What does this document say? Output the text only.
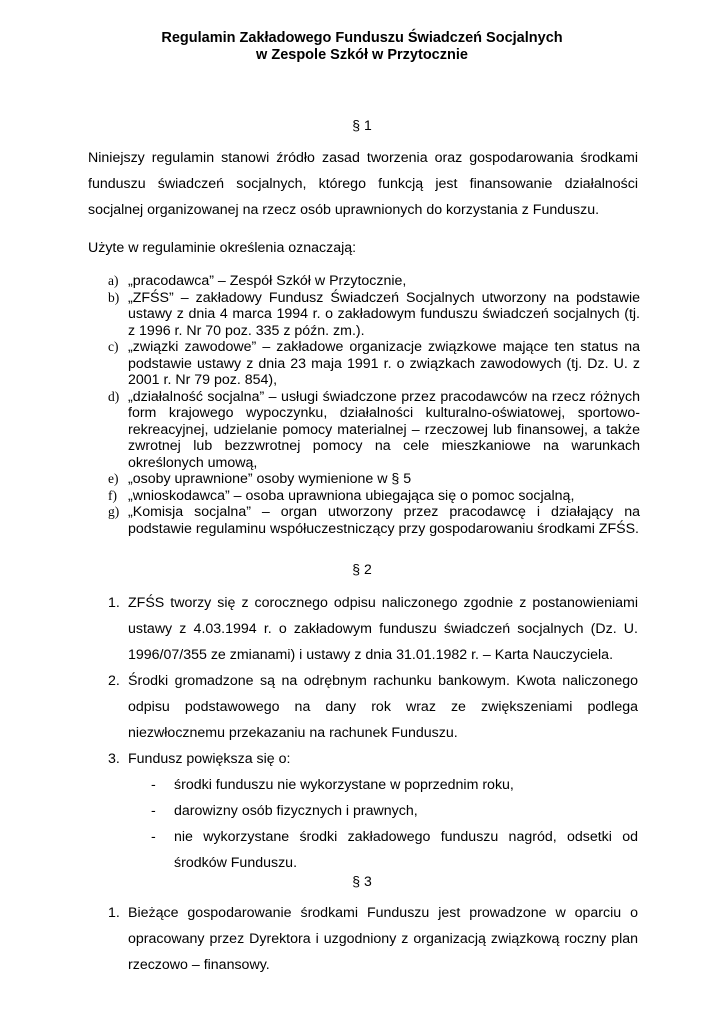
Regulamin Zakładowego Funduszu Świadczeń Socjalnych
w Zespole Szkół w Przytocznie
§ 1
Niniejszy regulamin stanowi źródło zasad tworzenia oraz gospodarowania środkami
funduszu świadczeń socjalnych, którego funkcją jest finansowanie działalności
socjalnej organizowanej na rzecz osób uprawnionych do korzystania z Funduszu.
Użyte w regulaminie określenia oznaczają:
a) „pracodawca” – Zespół Szkół w Przytocznie,
b) „ZFŚS” – zakładowy Fundusz Świadczeń Socjalnych utworzony na podstawie ustawy z dnia 4 marca 1994 r. o zakładowym funduszu świadczeń socjalnych (tj. z 1996 r. Nr 70 poz. 335 z późn. zm.).
c) „związki zawodowe” – zakładowe organizacje związkowe mające ten status na podstawie ustawy z dnia 23 maja 1991 r. o związkach zawodowych (tj. Dz. U. z 2001 r. Nr 79 poz. 854),
d) „działalność socjalna” – usługi świadczone przez pracodawców na rzecz różnych form krajowego wypoczynku, działalności kulturalno-oświatowej, sportowo-rekreacyjnej, udzielanie pomocy materialnej – rzeczowej lub finansowej, a także zwrotnej lub bezzwrotnej pomocy na cele mieszkaniowe na warunkach określonych umową,
e) „osoby uprawnione” osoby wymienione w § 5
f) „wnioskodawca” – osoba uprawniona ubiegająca się o pomoc socjalną,
g) „Komisja socjalna” – organ utworzony przez pracodawcę i działający na podstawie regulaminu współuczestniczący przy gospodarowaniu środkami ZFŚS.
§ 2
1. ZFŚS tworzy się z corocznego odpisu naliczonego zgodnie z postanowieniami ustawy z 4.03.1994 r. o zakładowym funduszu świadczeń socjalnych (Dz. U. 1996/07/355 ze zmianami) i ustawy z dnia 31.01.1982 r. – Karta Nauczyciela.
2. Środki gromadzone są na odrębnym rachunku bankowym. Kwota naliczonego odpisu podstawowego na dany rok wraz ze zwiększeniami podlega niezwłocznemu przekazaniu na rachunek Funduszu.
3. Fundusz powiększa się o:
- środki funduszu nie wykorzystane w poprzednim roku,
- darowizny osób fizycznych i prawnych,
- nie wykorzystane środki zakładowego funduszu nagród, odsetki od środków Funduszu.
§ 3
1. Bieżące gospodarowanie środkami Funduszu jest prowadzone w oparciu o opracowany przez Dyrektora i uzgodniony z organizacją związkową roczny plan rzeczowo – finansowy.
